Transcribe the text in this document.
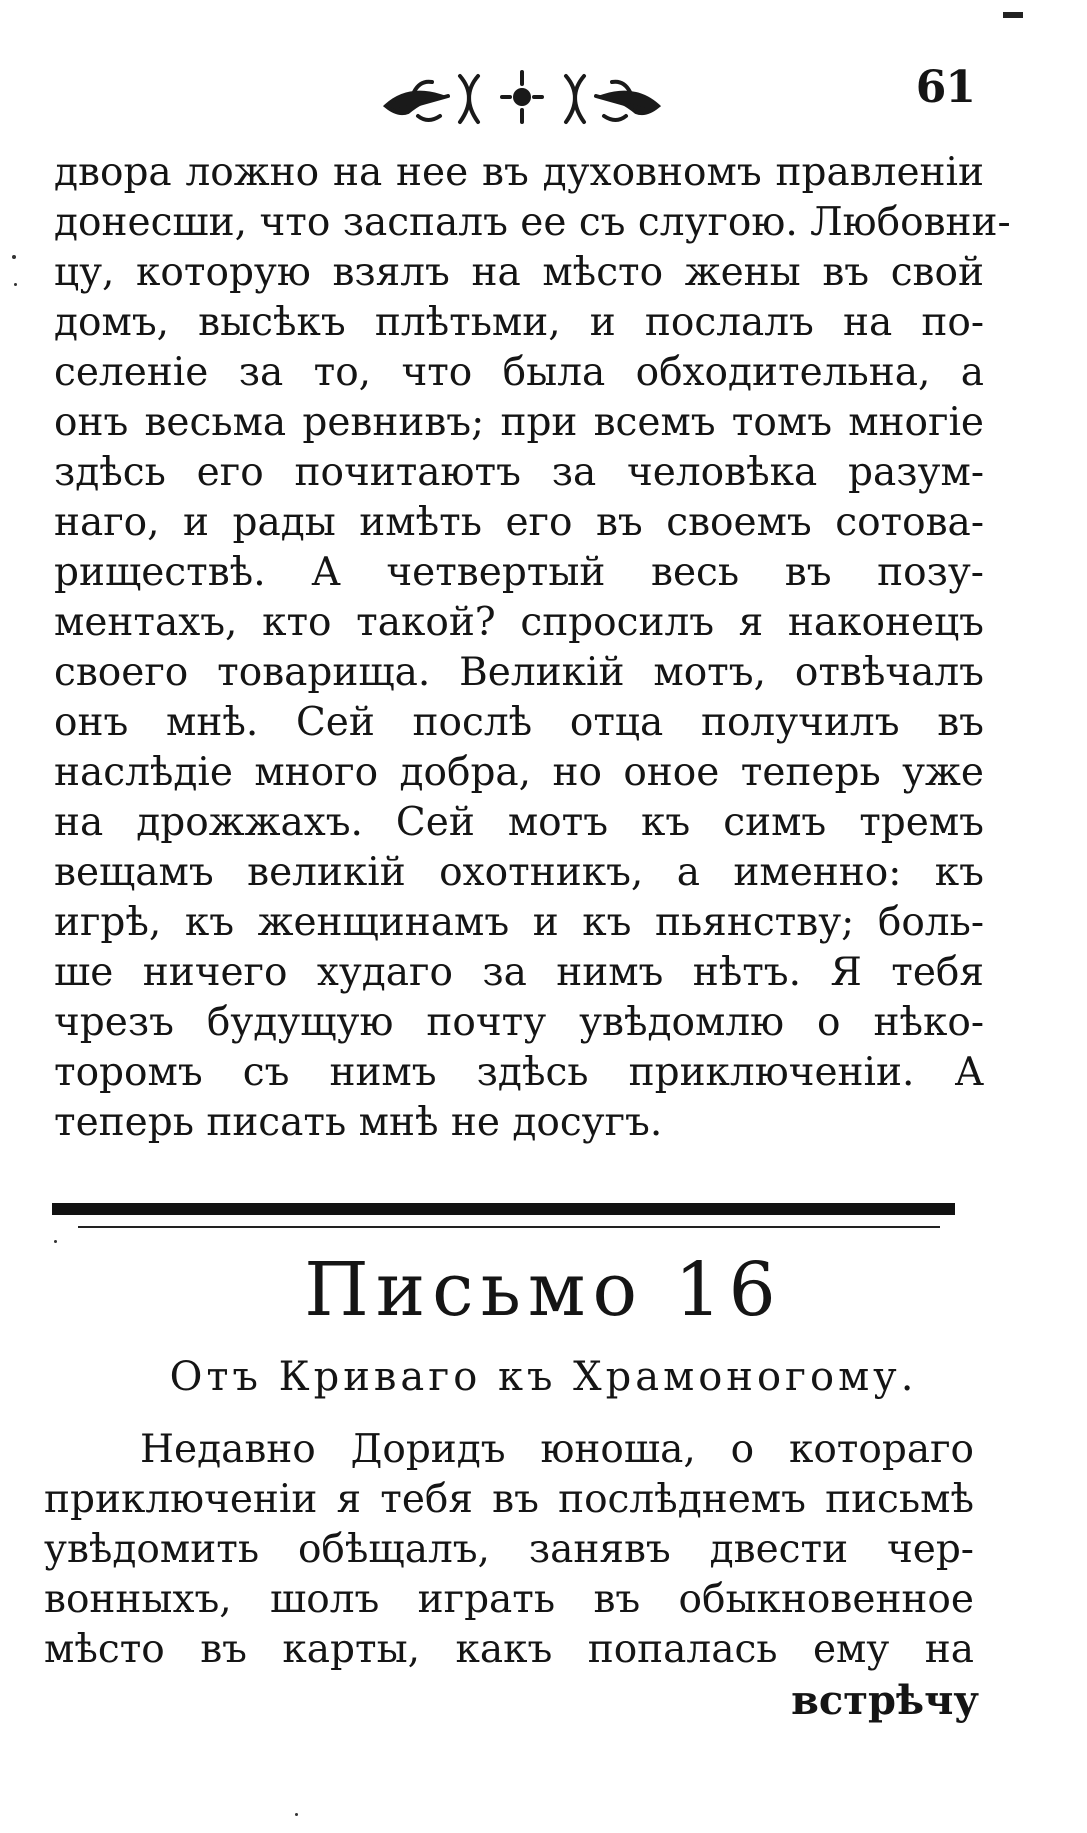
61
двора ложно на нее въ духовномъ правленіи
донесши, что заспалъ ее съ слугою. Любовни-
цу, которую взялъ на мѣсто жены въ свой
домъ, высѣкъ плѣтьми, и послалъ на по-
селеніе за то, что была обходительна, а
онъ весьма ревнивъ; при всемъ томъ многіе
здѣсь его почитаютъ за человѣка разум-
наго, и рады имѣть его въ своемъ сотова-
риществѣ. А четвертый весь въ позу-
ментахъ, кто такой? спросилъ я наконецъ
своего товарища. Великій мотъ, отвѣчалъ
онъ мнѣ. Сей послѣ отца получилъ въ
наслѣдіе много добра, но оное теперь уже
на дрожжахъ. Сей мотъ къ симъ тремъ
вещамъ великій охотникъ, а именно: къ
игрѣ, къ женщинамъ и къ пьянству; боль-
ше ничего худаго за нимъ нѣтъ. Я тебя
чрезъ будущую почту увѣдомлю о нѣко-
торомъ съ нимъ здѣсь приключеніи. А
теперь писать мнѣ не досугъ.
Письмо 16
Отъ Криваго къ Храмоногому.
Недавно Доридъ юноша, о котораго
приключеніи я тебя въ послѣднемъ письмѣ
увѣдомить обѣщалъ, занявъ двести чер-
вонныхъ, шолъ играть въ обыкновенное
мѣсто въ карты, какъ попалась ему на
встрѣчу
